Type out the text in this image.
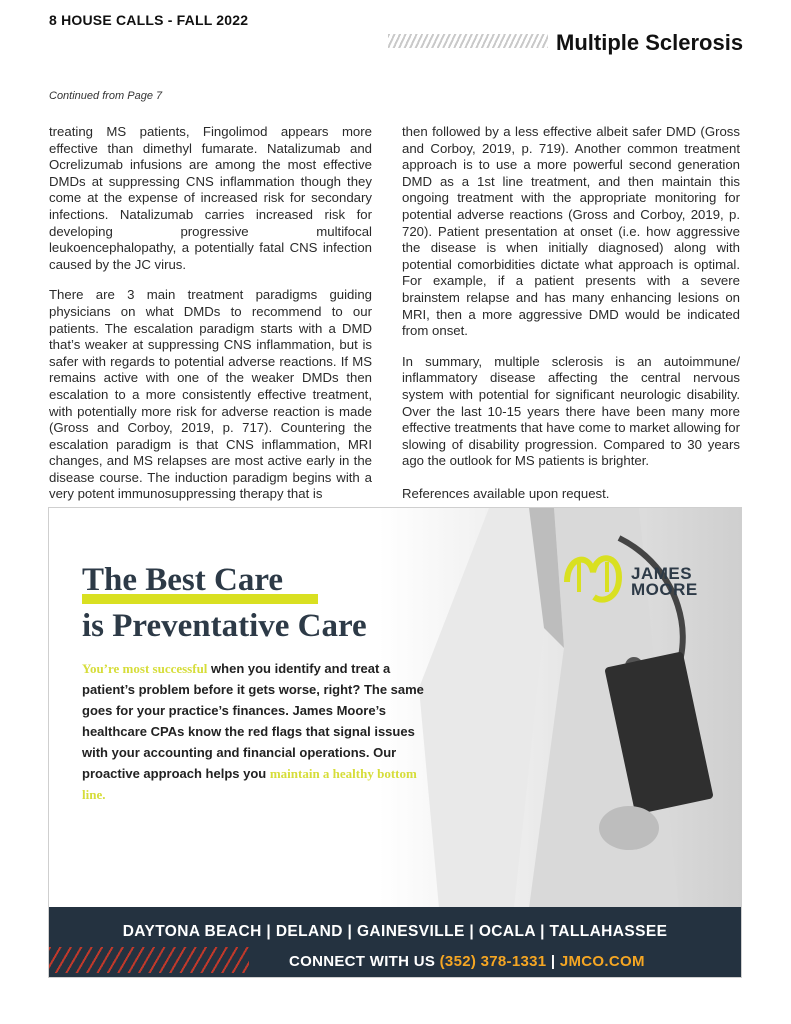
8 HOUSE CALLS - FALL 2022
Multiple Sclerosis
Continued from Page 7

treating MS patients, Fingolimod appears more effective than dimethyl fumarate. Natalizumab and Ocrelizumab infusions are among the most effective DMDs at suppressing CNS inflammation though they come at the expense of increased risk for secondary infections. Natalizumab carries increased risk for developing progressive multifocal leukoencephalopathy, a potentially fatal CNS infection caused by the JC virus.

There are 3 main treatment paradigms guiding physicians on what DMDs to recommend to our patients. The escalation paradigm starts with a DMD that’s weaker at suppressing CNS inflammation, but is safer with regards to potential adverse reactions. If MS remains active with one of the weaker DMDs then escalation to a more consistently effective treatment, with potentially more risk for adverse reaction is made (Gross and Corboy, 2019, p. 717). Countering the escalation paradigm is that CNS inflammation, MRI changes, and MS relapses are most active early in the disease course. The induction paradigm begins with a very potent immunosuppressing therapy that is

then followed by a less effective albeit safer DMD (Gross and Corboy, 2019, p. 719). Another common treatment approach is to use a more powerful second generation DMD as a 1st line treatment, and then maintain this ongoing treatment with the appropriate monitoring for potential adverse reactions (Gross and Corboy, 2019, p. 720). Patient presentation at onset (i.e. how aggressive the disease is when initially diagnosed) along with potential comorbidities dictate what approach is optimal. For example, if a patient presents with a severe brainstem relapse and has many enhancing lesions on MRI, then a more aggressive DMD would be indicated from onset.

In summary, multiple sclerosis is an autoimmune/ inflammatory disease affecting the central nervous system with potential for significant neurologic disability. Over the last 10-15 years there have been many more effective treatments that have come to market allowing for slowing of disability progression. Compared to 30 years ago the outlook for MS patients is brighter.

References available upon request.

The Best Care
is Preventative Care
You’re most successful when you identify and treat a patient’s problem before it gets worse, right? The same goes for your practice’s finances. James Moore’s healthcare CPAs know the red flags that signal issues with your accounting and financial operations. Our proactive approach helps you maintain a healthy bottom line.
JAMES
MOORE
DAYTONA BEACH | DELAND | GAINESVILLE | OCALA | TALLAHASSEE
CONNECT WITH US (352) 378-1331 | JMCO.COM
